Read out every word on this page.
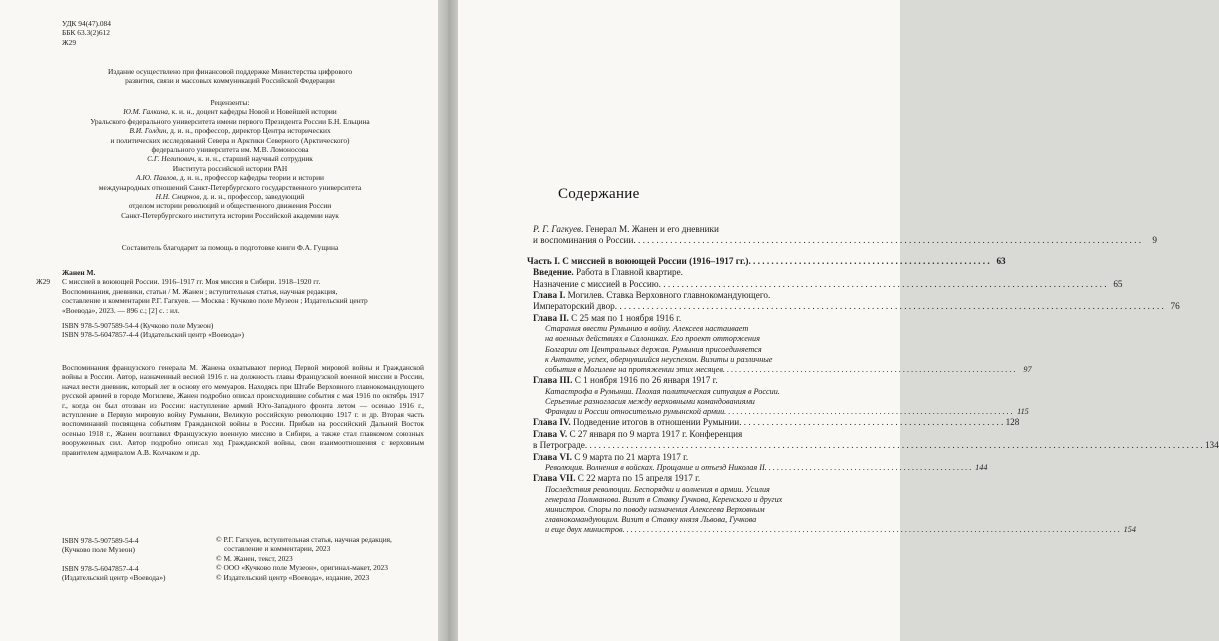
УДК 94(47).084
ББК 63.3(2)612
Ж29
Издание осуществлено при финансовой поддержке Министерства цифрового
развития, связи и массовых коммуникаций Российской Федерации
Рецензенты:
Ю.М. Галкина, к. и. н., доцент кафедры Новой и Новейшей истории
Уральского федерального университета имени первого Президента России Б.Н. Ельцина
В.И. Голдин, д. и. н., профессор, директор Центра исторических
и политических исследований Севера и Арктики Северного (Арктического)
федерального университета им. М.В. Ломоносова
С.Г. Нелипович, к. и. н., старший научный сотрудник
Института российской истории РАН
А.Ю. Павлов, д. и. н., профессор кафедры теории и истории
международных отношений Санкт-Петербургского государственного университета
Н.Н. Смирнов, д. и. н., профессор, заведующий
отделом истории революций и общественного движения России
Санкт-Петербургского института истории Российской академии наук
Составитель благодарит за помощь в подготовке книги Ф.А. Гущина

Жанен М.
Ж29	С миссией в воюющей России. 1916–1917 гг. Моя миссия в Сибири. 1918–1920 гг.
Воспоминания, дневники, статьи / М. Жанен ; вступительная статья, научная редакция,
составление и комментарии Р.Г. Гагкуев. — Москва : Кучково поле Музеон ; Издательский центр
«Воевода», 2023. — 896 с.; [2] с. : ил.
ISBN 978-5-907589-54-4 (Кучково поле Музеон)
ISBN 978-5-6047857-4-4 (Издательский центр «Воевода»)
Воспоминания французского генерала М. Жанена охватывают период Первой мировой войны и Гражданской войны в России. Автор, назначенный весной 1916 г. на должность главы Французской военной миссии в России, начал вести дневник, который лег в основу его мемуаров. Находясь при Штабе Верховного главнокомандующего русской армией в городе Могилеве, Жанен подробно описал происходившие события с мая 1916 по октябрь 1917 г., когда он был отозван из России: наступление армий Юго-Западного фронта летом — осенью 1916 г., вступление в Первую мировую войну Румынии, Великую российскую революцию 1917 г. и др. Вторая часть воспоминаний посвящена событиям Гражданской войны в России. Прибыв на российский Дальний Восток осенью 1918 г., Жанен возглавил Французскую военную миссию в Сибири, а также стал главкомом союзных вооруженных сил. Автор подробно описал ход Гражданской войны, свои взаимоотношения с верховным правителем адмиралом А.В. Колчаком и др.
ISBN 978-5-907589-54-4
(Кучково поле Музеон)
ISBN 978-5-6047857-4-4
(Издательский центр «Воевода»)
© Р.Г. Гагкуев, вступительная статья, научная редакция, составление и комментарии, 2023
© М. Жанен, текст, 2023
© ООО «Кучково поле Музеон», оригинал-макет, 2023
© Издательский центр «Воевода», издание, 2023
Содержание
Р. Г. Гагкуев. Генерал М. Жанен и его дневники
и воспоминания о России . . . . . . . . . . . . . . . . . . . . . . . . . . . . . . . . . . . . . . . . . . . . . . . . . . . . . . . . . . . . . . . . . . . . . . . . . . . . . . . . . . . . . . . . . . . . . . . . . . . . . . . . . . . . . . .	9
Часть I. С миссией в воюющей России (1916–1917 гг.) . . . . . . . . . . . . . . . . . . . . . . . . . . . . . . . . . . . . . . . . . . . . . . . . . . . . . 63
Введение. Работа в Главной квартире.
Назначение с миссией в Россию . . . . . . . . . . . . . . . . . . . . . . . . . . . . . . . . . . . . . . . . . . . . . . . . . . . . . . . . . . . . . . . . . . . . . . . . . . . . . . . . . . . . . . . . . . . . . . . . . . 65
Глава I. Могилев. Ставка Верховного главнокомандующего.
Императорский двор . . . . . . . . . . . . . . . . . . . . . . . . . . . . . . . . . . . . . . . . . . . . . . . . . . . . . . . . . . . . . . . . . . . . . . . . . . . . . . . . . . . . . . . . . . . . . . . . . . . . . . . . . . . . . . . . . . . . . . . . 76
Глава II. С 25 мая по 1 ноября 1916 г.
Старания ввести Румынию в войну. Алексеев настаивает
на военных действиях в Салониках. Его проект отторжения
Болгарии от Центральных держав. Румыния присоединяется
к Антанте, успех, обернувшийся неуспехом. Визиты и различные
события в Могилеве на протяжении этих месяцев . . . . . . . . . . . . . . . . . . . . . . . . . . . . . . . . . . . . . . . . . . . . . . . . . . . . . . . . . . . . . . . . . . . . . . . . 97
Глава III. С 1 ноября 1916 по 26 января 1917 г.
Катастрофа в Румынии. Плохая политическая ситуация в России.
Серьезные разногласия между верховными командованиями
Франции и России относительно румынской армии . . . . . . . . . . . . . . . . . . . . . . . . . . . . . . . . . . . . . . . . . . . . . . . . . . . . . . . . . . . . . . . . . . . . . . . 115
Глава IV. Подведение итогов в отношении Румынии . . . . . . . . . . . . . . . . . . . . . . . . . . . . . . . . . . . . . . . . . . . . . . . . . . . . . . . . . . 128
Глава V. С 27 января по 9 марта 1917 г. Конференция
в Петрограде . . . . . . . . . . . . . . . . . . . . . . . . . . . . . . . . . . . . . . . . . . . . . . . . . . . . . . . . . . . . . . . . . . . . . . . . . . . . . . . . . . . . . . . . . . . . . . . . . . . . . . . . . . . . . . . . . . . . . . . . . . . . . . . . . . . . . . . 134
Глава VI. С 9 марта по 21 марта 1917 г.
Революция. Волнения в войсках. Прощание и отъезд Николая II . . . . . . . . . . . . . . . . . . . . . . . . . . . . . . . . . . . . . . . . . . . . . . . . . . . 144
Глава VII. С 22 марта по 15 апреля 1917 г.
Последствия революции. Беспорядки и волнения в армии. Усилия
генерала Поливанова. Визит в Ставку Гучкова, Керенского и других
министров. Споры по поводу назначения Алексеева Верховным
главнокомандующим. Визит в Ставку князя Львова, Гучкова
и еще двух министров . . . . . . . . . . . . . . . . . . . . . . . . . . . . . . . . . . . . . . . . . . . . . . . . . . . . . . . . . . . . . . . . . . . . . . . . . . . . . . . . . . . . . . . . . . . . . . . . . . . . . . . . . . . . . . . . . . . . . . . . . . 154
